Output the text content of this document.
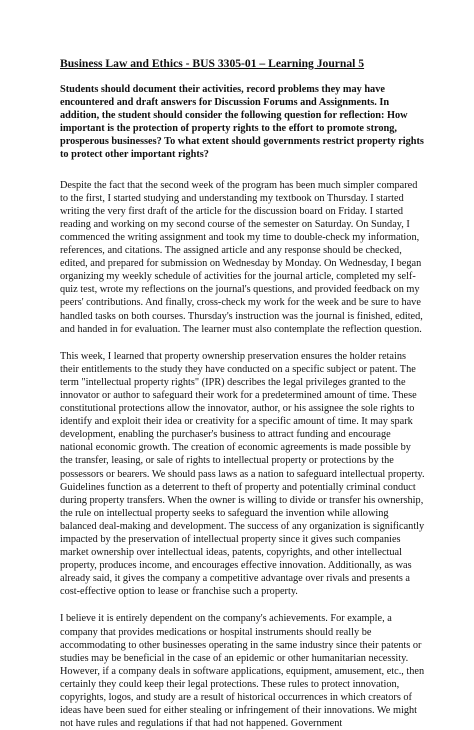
Business Law and Ethics - BUS 3305-01 – Learning Journal 5
Students should document their activities, record problems they may have encountered and draft answers for Discussion Forums and Assignments. In addition, the student should consider the following question for reflection: How important is the protection of property rights to the effort to promote strong, prosperous businesses? To what extent should governments restrict property rights to protect other important rights?
Despite the fact that the second week of the program has been much simpler compared to the first, I started studying and understanding my textbook on Thursday. I started writing the very first draft of the article for the discussion board on Friday. I started reading and working on my second course of the semester on Saturday. On Sunday, I commenced the writing assignment and took my time to double-check my information, references, and citations. The assigned article and any response should be checked, edited, and prepared for submission on Wednesday by Monday. On Wednesday, I began organizing my weekly schedule of activities for the journal article, completed my self-quiz test, wrote my reflections on the journal's questions, and provided feedback on my peers' contributions. And finally, cross-check my work for the week and be sure to have handled tasks on both courses. Thursday's instruction was the journal is finished, edited, and handed in for evaluation. The learner must also contemplate the reflection question.
This week, I learned that property ownership preservation ensures the holder retains their entitlements to the study they have conducted on a specific subject or patent. The term "intellectual property rights" (IPR) describes the legal privileges granted to the innovator or author to safeguard their work for a predetermined amount of time. These constitutional protections allow the innovator, author, or his assignee the sole rights to identify and exploit their idea or creativity for a specific amount of time. It may spark development, enabling the purchaser's business to attract funding and encourage national economic growth. The creation of economic agreements is made possible by the transfer, leasing, or sale of rights to intellectual property or protections by the possessors or bearers. We should pass laws as a nation to safeguard intellectual property. Guidelines function as a deterrent to theft of property and potentially criminal conduct during property transfers. When the owner is willing to divide or transfer his ownership, the rule on intellectual property seeks to safeguard the invention while allowing balanced deal-making and development. The success of any organization is significantly impacted by the preservation of intellectual property since it gives such companies market ownership over intellectual ideas, patents, copyrights, and other intellectual property, produces income, and encourages effective innovation. Additionally, as was already said, it gives the company a competitive advantage over rivals and presents a cost-effective option to lease or franchise such a property.
I believe it is entirely dependent on the company's achievements. For example, a company that provides medications or hospital instruments should really be accommodating to other businesses operating in the same industry since their patents or studies may be beneficial in the case of an epidemic or other humanitarian necessity. However, if a company deals in software applications, equipment, amusement, etc., then certainly they could keep their legal protections. These rules to protect innovation, copyrights, logos, and study are a result of historical occurrences in which creators of ideas have been sued for either stealing or infringement of their innovations. We might not have rules and regulations if that had not happened. Government
